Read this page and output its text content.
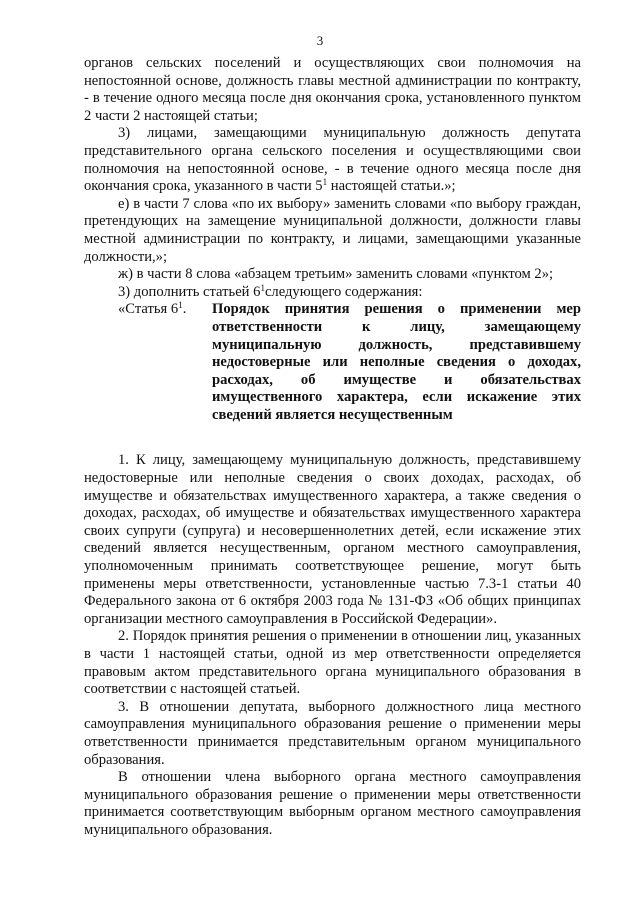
3

органов сельских поселений и осуществляющих свои полномочия на непостоянной основе, должность главы местной администрации по контракту, - в течение одного месяца после дня окончания срока, установленного пунктом 2 части 2 настоящей статьи;

3) лицами, замещающими муниципальную должность депутата представительного органа сельского поселения и осуществляющими свои полномочия на непостоянной основе, - в течение одного месяца после дня окончания срока, указанного в части $5^1$ настоящей статьи.»;

е) в части 7 слова «по их выбору» заменить словами «по выбору граждан, претендующих на замещение муниципальной должности, должности главы местной администрации по контракту, и лицами, замещающими указанные должности,»;

ж) в части 8 слова «абзацем третьим» заменить словами «пунктом 2»;

3) дополнить статьей $6^1следующего$ содержания:

«Статья $6^1$.	Порядок принятия решения о применении мер ответственности к лицу, замещающему муниципальную должность, представившему недостоверные или неполные сведения о доходах, расходах, об имуществе и обязательствах имущественного характера, если искажение этих сведений является несущественным

1. К лицу, замещающему муниципальную должность, представившему недостоверные или неполные сведения о своих доходах, расходах, об имуществе и обязательствах имущественного характера, а также сведения о доходах, расходах, об имуществе и обязательствах имущественного характера своих супруги (супруга) и несовершеннолетних детей, если искажение этих сведений является несущественным, органом местного самоуправления, уполномоченным принимать соответствующее решение, могут быть применены меры ответственности, установленные частью 7.3-1 статьи 40 Федерального закона от 6 октября 2003 года № 131-ФЗ «Об общих принципах организации местного самоуправления в Российской Федерации».

2. Порядок принятия решения о применении в отношении лиц, указанных в части 1 настоящей статьи, одной из мер ответственности определяется правовым актом представительного органа муниципального образования в соответствии с настоящей статьей.

3. В отношении депутата, выборного должностного лица местного самоуправления муниципального образования решение о применении меры ответственности принимается представительным органом муниципального образования.

В отношении члена выборного органа местного самоуправления муниципального образования решение о применении меры ответственности принимается соответствующим выборным органом местного самоуправления муниципального образования.
